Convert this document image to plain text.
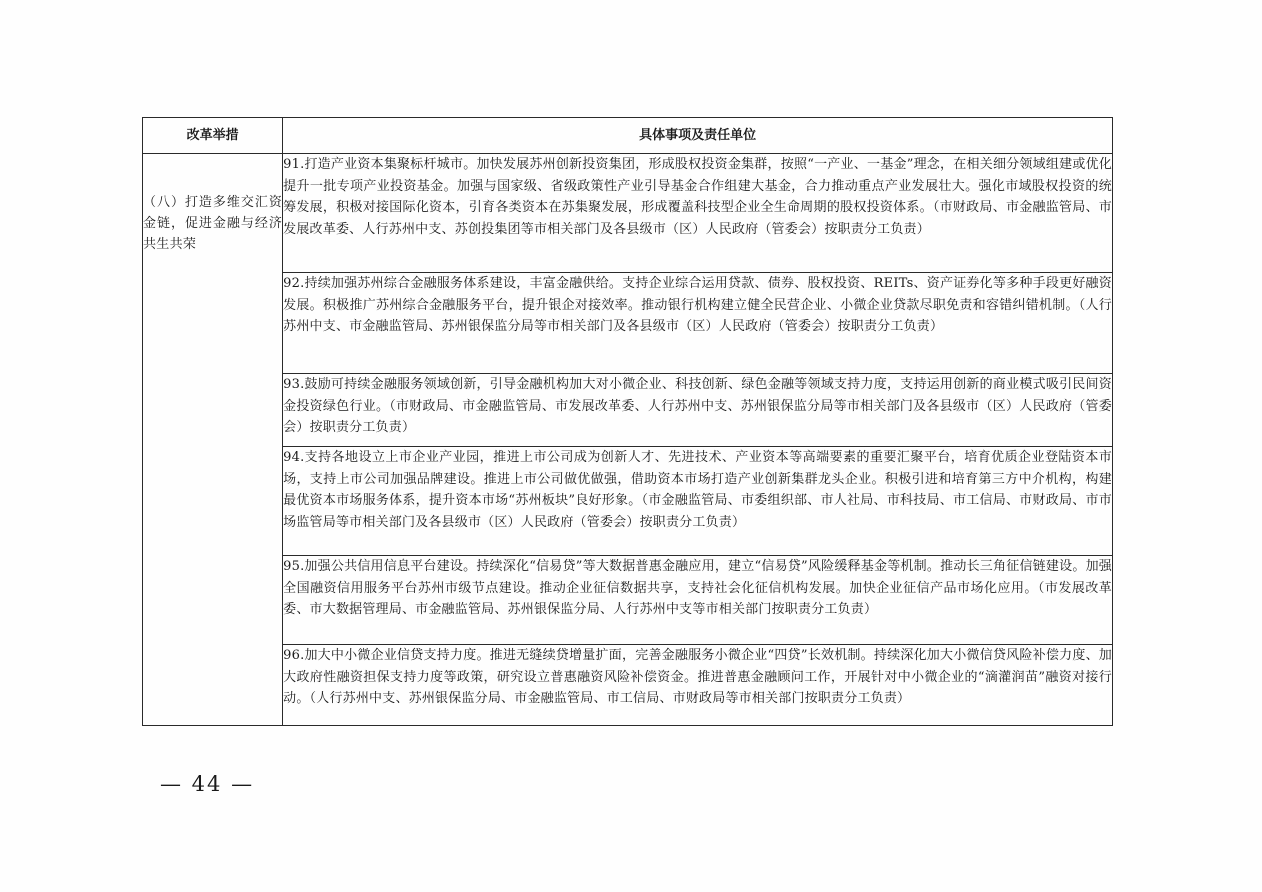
改革举措	具体事项及责任单位

（八）打造多维交汇资金链，促进金融与经济共生共荣	91.打造产业资本集聚标杆城市。加快发展苏州创新投资集团，形成股权投资金集群，按照“一产业、一基金”理念，在相关细分领域组建或优化提升一批专项产业投资基金。加强与国家级、省级政策性产业引导基金合作组建大基金，合力推动重点产业发展壮大。强化市域股权投资的统筹发展，积极对接国际化资本，引育各类资本在苏集聚发展，形成覆盖科技型企业全生命周期的股权投资体系。（市财政局、市金融监管局、市发展改革委、人行苏州中支、苏创投集团等市相关部门及各县级市（区）人民政府（管委会）按职责分工负责）

	92.持续加强苏州综合金融服务体系建设，丰富金融供给。支持企业综合运用贷款、债券、股权投资、REITs、资产证券化等多种手段更好融资发展。积极推广苏州综合金融服务平台，提升银企对接效率。推动银行机构建立健全民营企业、小微企业贷款尽职免责和容错纠错机制。（人行苏州中支、市金融监管局、苏州银保监分局等市相关部门及各县级市（区）人民政府（管委会）按职责分工负责）

	93.鼓励可持续金融服务领域创新，引导金融机构加大对小微企业、科技创新、绿色金融等领域支持力度，支持运用创新的商业模式吸引民间资金投资绿色行业。（市财政局、市金融监管局、市发展改革委、人行苏州中支、苏州银保监分局等市相关部门及各县级市（区）人民政府（管委会）按职责分工负责）

	94.支持各地设立上市企业产业园，推进上市公司成为创新人才、先进技术、产业资本等高端要素的重要汇聚平台，培育优质企业登陆资本市场，支持上市公司加强品牌建设。推进上市公司做优做强，借助资本市场打造产业创新集群龙头企业。积极引进和培育第三方中介机构，构建最优资本市场服务体系，提升资本市场“苏州板块”良好形象。（市金融监管局、市委组织部、市人社局、市科技局、市工信局、市财政局、市市场监管局等市相关部门及各县级市（区）人民政府（管委会）按职责分工负责）

	95.加强公共信用信息平台建设。持续深化“信易贷”等大数据普惠金融应用，建立“信易贷”风险缓释基金等机制。推动长三角征信链建设。加强全国融资信用服务平台苏州市级节点建设。推动企业征信数据共享，支持社会化征信机构发展。加快企业征信产品市场化应用。（市发展改革委、市大数据管理局、市金融监管局、苏州银保监分局、人行苏州中支等市相关部门按职责分工负责）

	96.加大中小微企业信贷支持力度。推进无缝续贷增量扩面，完善金融服务小微企业“四贷”长效机制。持续深化加大小微信贷风险补偿力度、加大政府性融资担保支持力度等政策，研究设立普惠融资风险补偿资金。推进普惠金融顾问工作，开展针对中小微企业的“滴灌润苗”融资对接行动。（人行苏州中支、苏州银保监分局、市金融监管局、市工信局、市财政局等市相关部门按职责分工负责）
— 44 —
